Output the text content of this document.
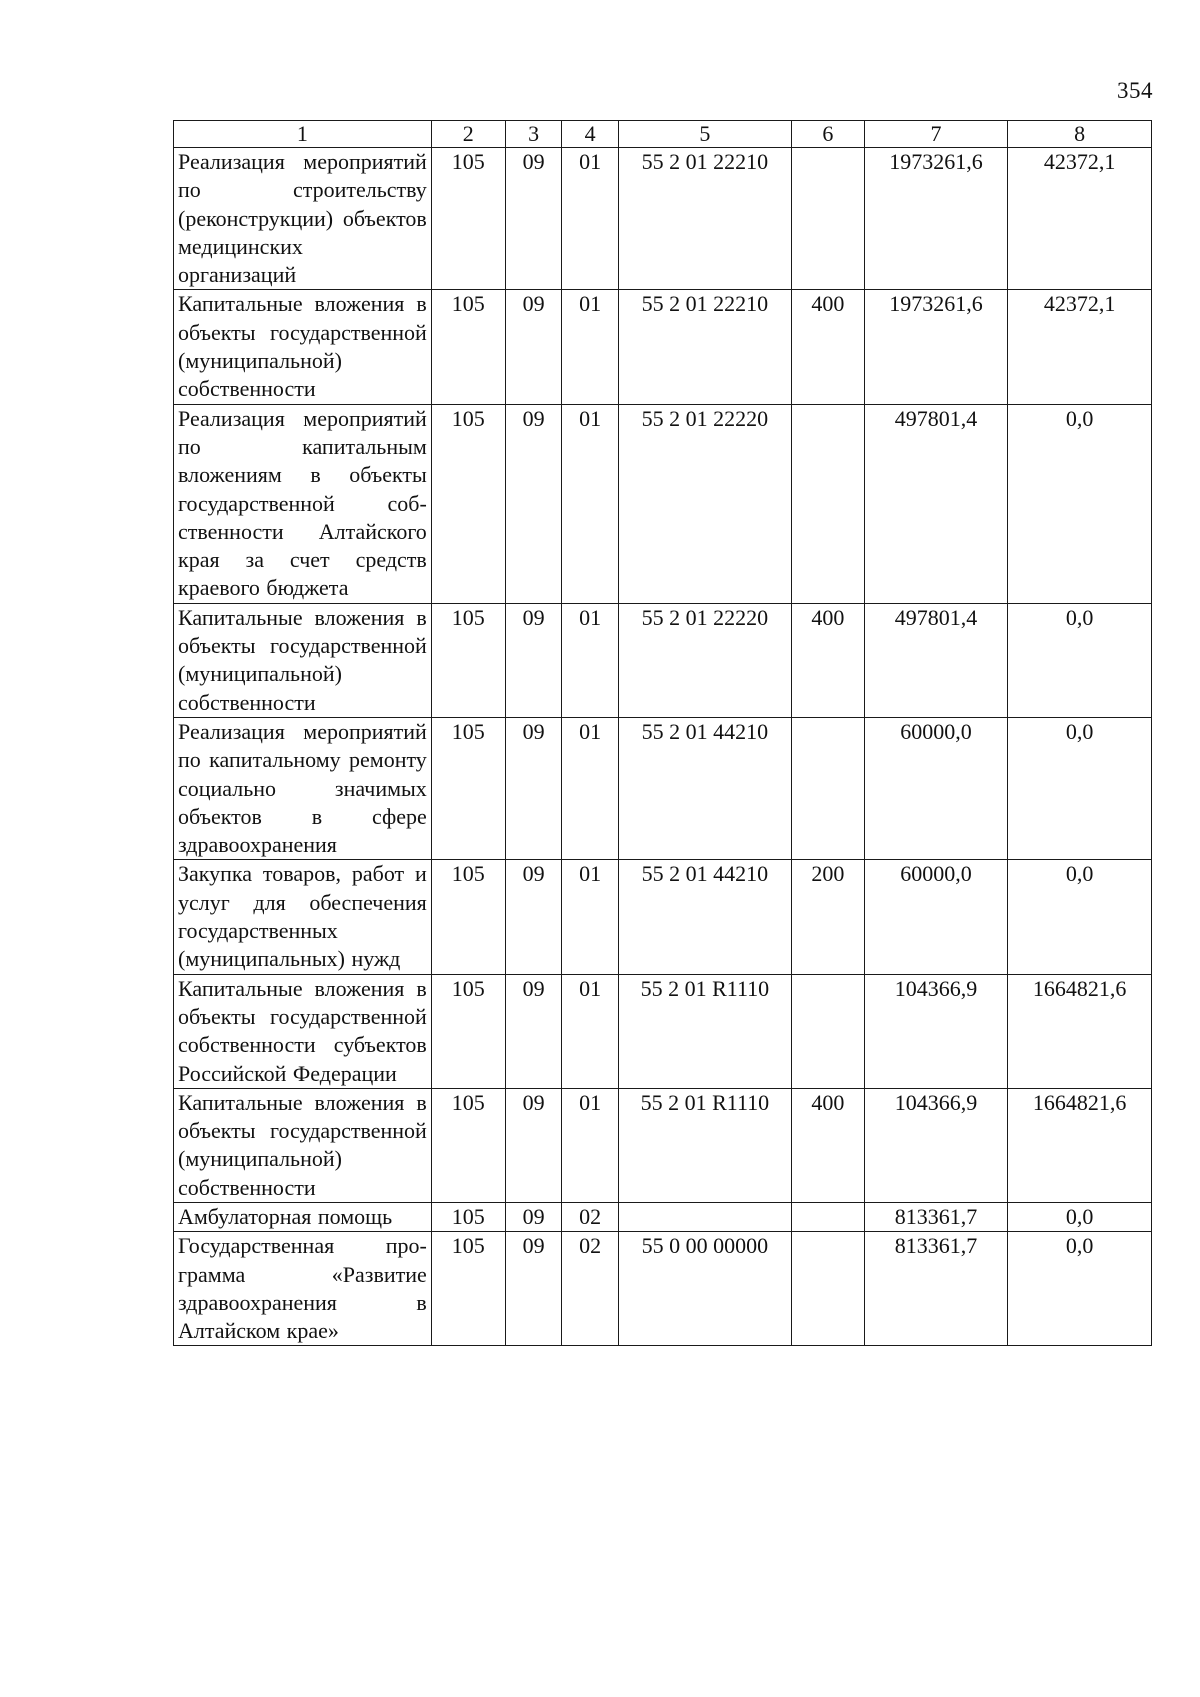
354
1	2	3	4	5	6	7	8
Реализация мероприятий по строительству (реконструкции) объектов медицинских организаций	105	09	01	55 2 01 22210		1973261,6	42372,1
Капитальные вложения в объекты государственной (муниципальной) собственности	105	09	01	55 2 01 22210	400	1973261,6	42372,1
Реализация мероприятий по капитальным вложениям в объекты государственной собственности Алтайского края за счет средств краевого бюджета	105	09	01	55 2 01 22220		497801,4	0,0
Капитальные вложения в объекты государственной (муниципальной) собственности	105	09	01	55 2 01 22220	400	497801,4	0,0
Реализация мероприятий по капитальному ремонту социально значимых объектов в сфере здравоохранения	105	09	01	55 2 01 44210		60000,0	0,0
Закупка товаров, работ и услуг для обеспечения государственных (муниципальных) нужд	105	09	01	55 2 01 44210	200	60000,0	0,0
Капитальные вложения в объекты государственной собственности субъектов Российской Федерации	105	09	01	55 2 01 R1110		104366,9	1664821,6
Капитальные вложения в объекты государственной (муниципальной) собственности	105	09	01	55 2 01 R1110	400	104366,9	1664821,6
Амбулаторная помощь	105	09	02			813361,7	0,0
Государственная программа «Развитие здравоохранения в Алтайском крае»	105	09	02	55 0 00 00000		813361,7	0,0
